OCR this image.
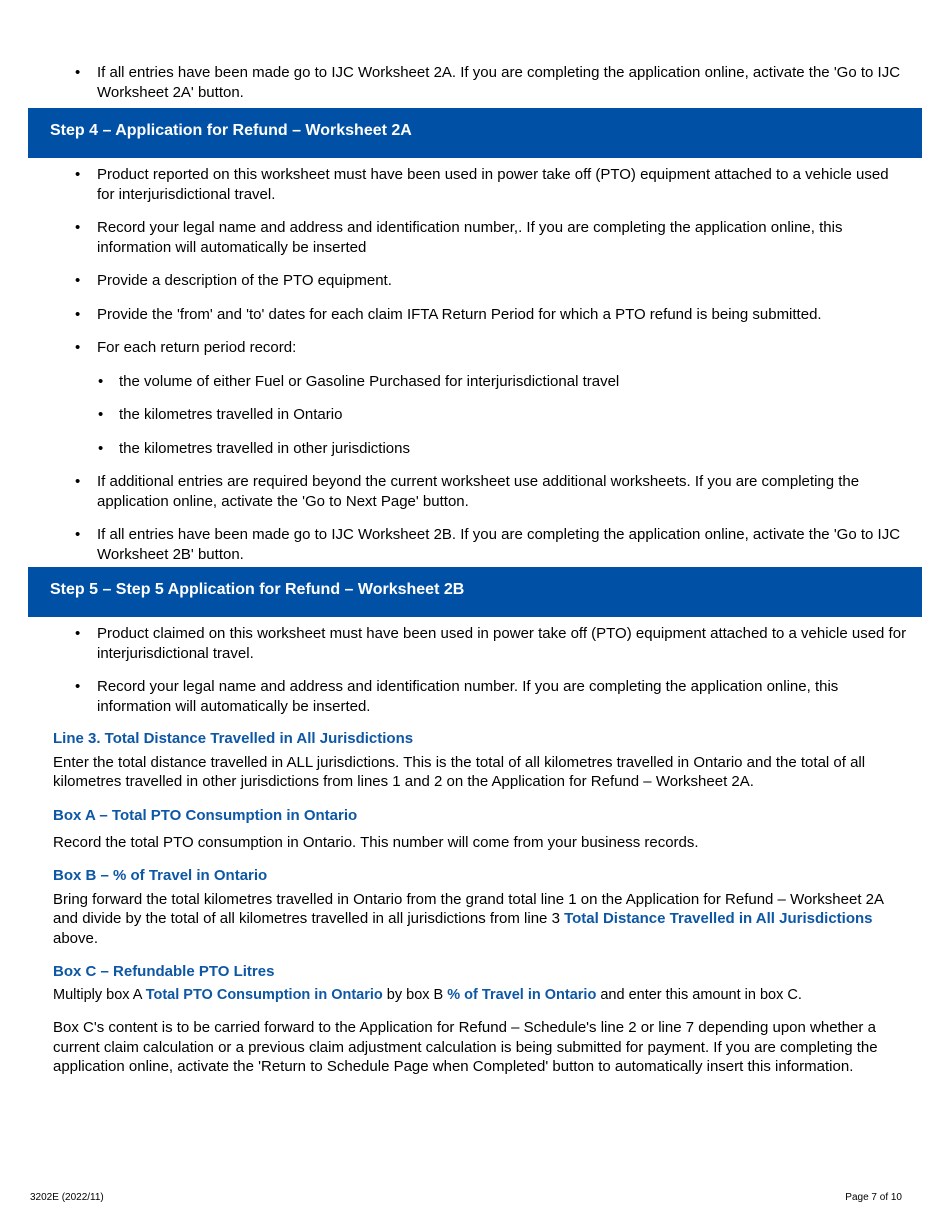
• If all entries have been made go to IJC Worksheet 2A. If you are completing the application online, activate the 'Go to IJC Worksheet 2A' button.
Step 4 – Application for Refund – Worksheet 2A
• Product reported on this worksheet must have been used in power take off (PTO) equipment attached to a vehicle used for interjurisdictional travel.
• Record your legal name and address and identification number,. If you are completing the application online, this information will automatically be inserted
• Provide a description of the PTO equipment.
• Provide the 'from' and 'to' dates for each claim IFTA Return Period for which a PTO refund is being submitted.
• For each return period record:
• the volume of either Fuel or Gasoline Purchased for interjurisdictional travel
• the kilometres travelled in Ontario
• the kilometres travelled in other jurisdictions
• If additional entries are required beyond the current worksheet use additional worksheets. If you are completing the application online, activate the 'Go to Next Page' button.
• If all entries have been made go to IJC Worksheet 2B. If you are completing the application online, activate the 'Go to IJC Worksheet 2B' button.
Step 5 – Step 5 Application for Refund – Worksheet 2B
• Product claimed on this worksheet must have been used in power take off (PTO) equipment attached to a vehicle used for interjurisdictional travel.
• Record your legal name and address and identification number. If you are completing the application online, this information will automatically be inserted.

Line 3. Total Distance Travelled in All Jurisdictions

Enter the total distance travelled in ALL jurisdictions. This is the total of all kilometres travelled in Ontario and the total of all kilometres travelled in other jurisdictions from lines 1 and 2 on the Application for Refund – Worksheet 2A.

Box A – Total PTO Consumption in Ontario

Record the total PTO consumption in Ontario. This number will come from your business records.

Box B – % of Travel in Ontario

Bring forward the total kilometres travelled in Ontario from the grand total line 1 on the Application for Refund – Worksheet 2A and divide by the total of all kilometres travelled in all jurisdictions from line 3 Total Distance Travelled in All Jurisdictions above.

Box C – Refundable PTO Litres

Multiply box A Total PTO Consumption in Ontario by box B % of Travel in Ontario and enter this amount in box C.

Box C's content is to be carried forward to the Application for Refund – Schedule's line 2 or line 7 depending upon whether a current claim calculation or a previous claim adjustment calculation is being submitted for payment. If you are completing the application online, activate the 'Return to Schedule Page when Completed' button to automatically insert this information.

3202E (2022/11)	Page 7 of 10
